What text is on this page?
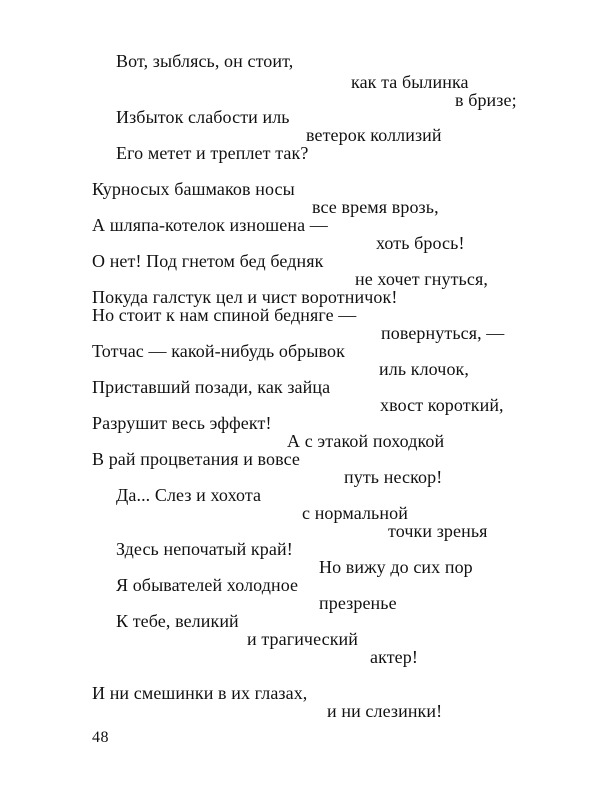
Вот, зыблясь, он стоит,
как та былинка
в бризе;
Избыток слабости иль
ветерок коллизий
Его метет и треплет так?
Курносых башмаков носы
все время врозь,
А шляпа-котелок изношена —
хоть брось!
О нет! Под гнетом бед бедняк
не хочет гнуться,
Покуда галстук цел и чист воротничок!
Но стоит к нам спиной бедняге —
повернуться, —
Тотчас — какой-нибудь обрывок
иль клочок,
Приставший позади, как зайца
хвост короткий,
Разрушит весь эффект!
А с этакой походкой
В рай процветания и вовсе
путь нескор!
Да... Слез и хохота
с нормальной
точки зренья
Здесь непочатый край!
Но вижу до сих пор
Я обывателей холодное
презренье
К тебе, великий
и трагический
актер!
И ни смешинки в их глазах,
и ни слезинки!
48
